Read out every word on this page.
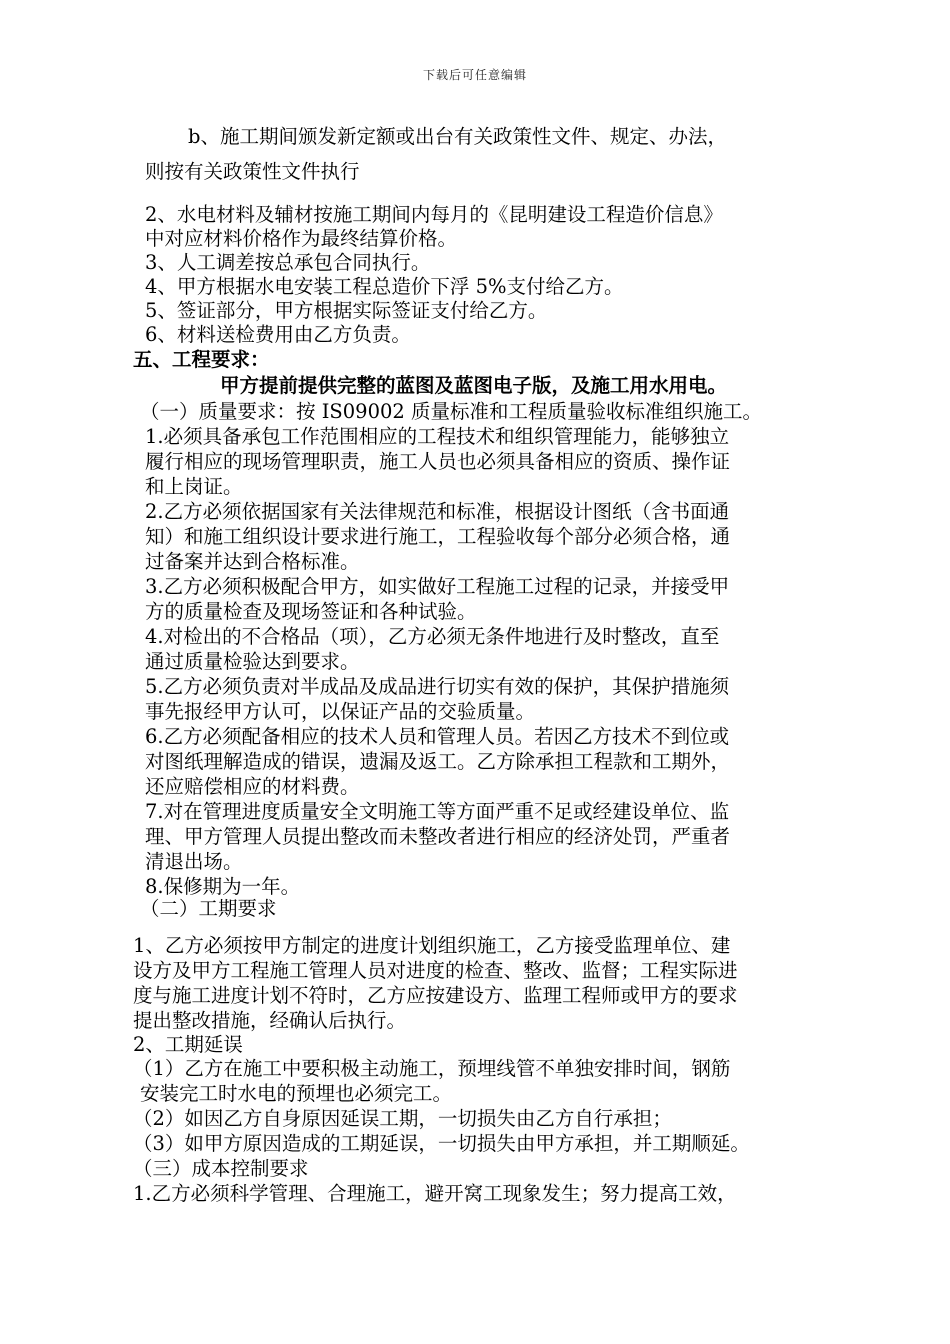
下载后可任意编辑
b、施工期间颁发新定额或出台有关政策性文件、规定、办法，
则按有关政策性文件执行
2、水电材料及辅材按施工期间内每月的《昆明建设工程造价信息》
中对应材料价格作为最终结算价格。
3、人工调差按总承包合同执行。
4、甲方根据水电安装工程总造价下浮 5%支付给乙方。
5、签证部分，甲方根据实际签证支付给乙方。
6、材料送检费用由乙方负责。
五、工程要求：
甲方提前提供完整的蓝图及蓝图电子版，及施工用水用电。
（一）质量要求：按 IS09002 质量标准和工程质量验收标准组织施工。
1.必须具备承包工作范围相应的工程技术和组织管理能力，能够独立
履行相应的现场管理职责，施工人员也必须具备相应的资质、操作证
和上岗证。
2.乙方必须依据国家有关法律规范和标准，根据设计图纸（含书面通
知）和施工组织设计要求进行施工，工程验收每个部分必须合格，通
过备案并达到合格标准。
3.乙方必须积极配合甲方，如实做好工程施工过程的记录，并接受甲
方的质量检查及现场签证和各种试验。
4.对检出的不合格品（项），乙方必须无条件地进行及时整改，直至
通过质量检验达到要求。
5.乙方必须负责对半成品及成品进行切实有效的保护，其保护措施须
事先报经甲方认可，以保证产品的交验质量。
6.乙方必须配备相应的技术人员和管理人员。若因乙方技术不到位或
对图纸理解造成的错误，遗漏及返工。乙方除承担工程款和工期外，
还应赔偿相应的材料费。
7.对在管理进度质量安全文明施工等方面严重不足或经建设单位、监
理、甲方管理人员提出整改而未整改者进行相应的经济处罚，严重者
清退出场。
8.保修期为一年。
（二）工期要求
1、乙方必须按甲方制定的进度计划组织施工，乙方接受监理单位、建
设方及甲方工程施工管理人员对进度的检查、整改、监督；工程实际进
度与施工进度计划不符时，乙方应按建设方、监理工程师或甲方的要求
提出整改措施，经确认后执行。
2、工期延误
（1）乙方在施工中要积极主动施工，预埋线管不单独安排时间，钢筋
安装完工时水电的预埋也必须完工。
（2）如因乙方自身原因延误工期，一切损失由乙方自行承担；
（3）如甲方原因造成的工期延误，一切损失由甲方承担，并工期顺延。
（三）成本控制要求
1.乙方必须科学管理、合理施工，避开窝工现象发生；努力提高工效，
